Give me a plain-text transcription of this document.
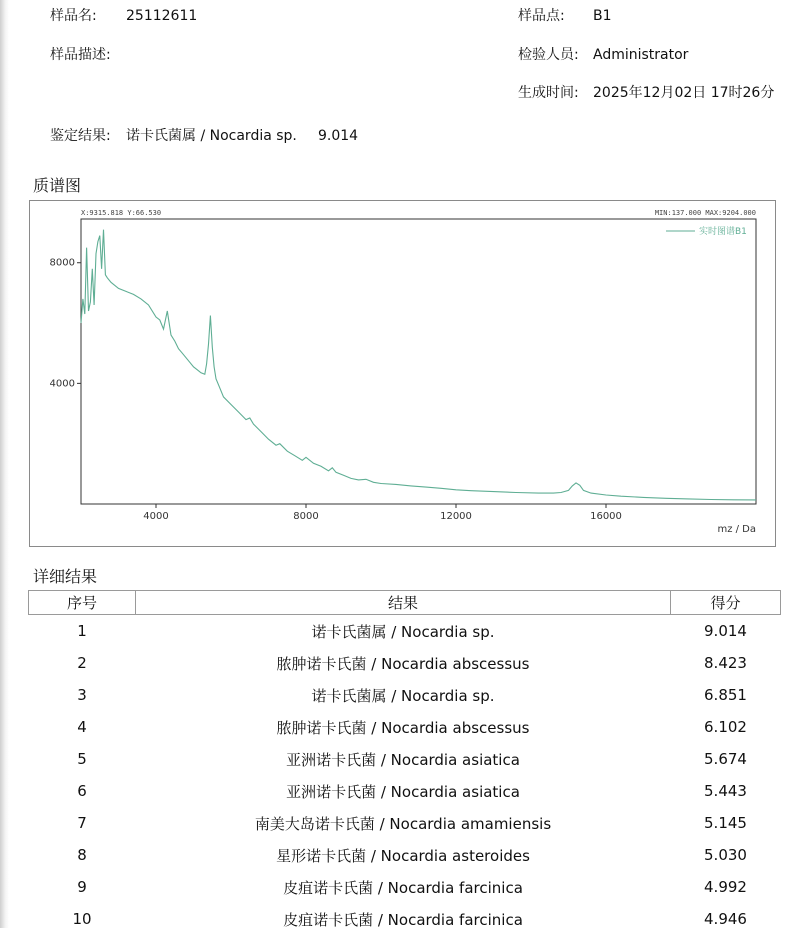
样品名: 25112611	样品点: B1
样品描述:	检验人员: Administrator
生成时间: 2025年12月02日 17时26分
鉴定结果: 诺卡氏菌属 / Nocardia sp. 9.014
质谱图
X:9315.818 Y:66.530	MIN:137.000 MAX:9204.000
实时图谱B1
4000
8000
4000	8000	12000	16000
mz / Da
详细结果
序号	结果	得分
1	诺卡氏菌属 / Nocardia sp.	9.014
2	脓肿诺卡氏菌 / Nocardia abscessus	8.423
3	诺卡氏菌属 / Nocardia sp.	6.851
4	脓肿诺卡氏菌 / Nocardia abscessus	6.102
5	亚洲诺卡氏菌 / Nocardia asiatica	5.674
6	亚洲诺卡氏菌 / Nocardia asiatica	5.443
7	南美大岛诺卡氏菌 / Nocardia amamiensis	5.145
8	星形诺卡氏菌 / Nocardia asteroides	5.030
9	皮疽诺卡氏菌 / Nocardia farcinica	4.992
10	皮疽诺卡氏菌 / Nocardia farcinica	4.946
